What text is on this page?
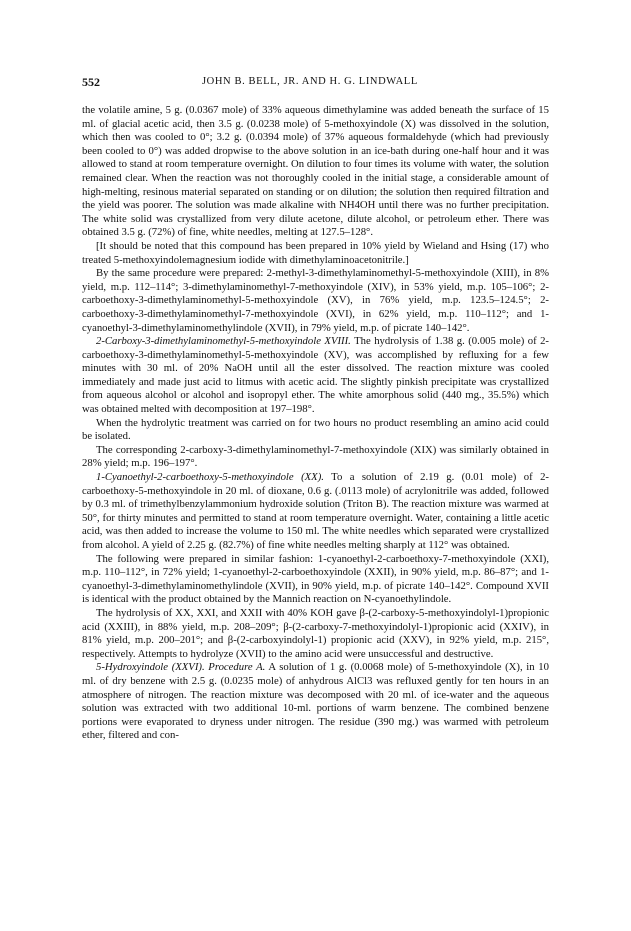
552	JOHN B. BELL, JR. AND H. G. LINDWALL

the volatile amine, 5 g. (0.0367 mole) of 33% aqueous dimethylamine was added beneath the surface of 15 ml. of glacial acetic acid, then 3.5 g. (0.0238 mole) of 5-methoxyindole (X) was dissolved in the solution, which then was cooled to 0°; 3.2 g. (0.0394 mole) of 37% aqueous formaldehyde (which had previously been cooled to 0°) was added dropwise to the above solution in an ice-bath during one-half hour and it was allowed to stand at room temperature overnight. On dilution to four times its volume with water, the solution remained clear. When the reaction was not thoroughly cooled in the initial stage, a considerable amount of high-melting, resinous material separated on standing or on dilution; the solution then required filtration and the yield was poorer. The solution was made alkaline with NH4OH until there was no further precipitation. The white solid was crystallized from very dilute acetone, dilute alcohol, or petroleum ether. There was obtained 3.5 g. (72%) of fine, white needles, melting at 127.5–128°.

[It should be noted that this compound has been prepared in 10% yield by Wieland and Hsing (17) who treated 5-methoxyindolemagnesium iodide with dimethylaminoacetonitrile.]

By the same procedure were prepared: 2-methyl-3-dimethylaminomethyl-5-methoxyindole (XIII), in 8% yield, m.p. 112–114°; 3-dimethylaminomethyl-7-methoxyindole (XIV), in 53% yield, m.p. 105–106°; 2-carboethoxy-3-dimethylaminomethyl-5-methoxyindole (XV), in 76% yield, m.p. 123.5–124.5°; 2-carboethoxy-3-dimethylaminomethyl-7-methoxyindole (XVI), in 62% yield, m.p. 110–112°; and 1-cyanoethyl-3-dimethylaminomethylindole (XVII), in 79% yield, m.p. of picrate 140–142°.

2-Carboxy-3-dimethylaminomethyl-5-methoxyindole XVIII. The hydrolysis of 1.38 g. (0.005 mole) of 2-carboethoxy-3-dimethylaminomethyl-5-methoxyindole (XV), was accomplished by refluxing for a few minutes with 30 ml. of 20% NaOH until all the ester dissolved. The reaction mixture was cooled immediately and made just acid to litmus with acetic acid. The slightly pinkish precipitate was crystallized from aqueous alcohol or alcohol and isopropyl ether. The white amorphous solid (440 mg., 35.5%) which was obtained melted with decomposition at 197–198°.

When the hydrolytic treatment was carried on for two hours no product resembling an amino acid could be isolated.

The corresponding 2-carboxy-3-dimethylaminomethyl-7-methoxyindole (XIX) was similarly obtained in 28% yield; m.p. 196–197°.

1-Cyanoethyl-2-carboethoxy-5-methoxyindole (XX). To a solution of 2.19 g. (0.01 mole) of 2-carboethoxy-5-methoxyindole in 20 ml. of dioxane, 0.6 g. (.0113 mole) of acrylonitrile was added, followed by 0.3 ml. of trimethylbenzylammonium hydroxide solution (Triton B). The reaction mixture was warmed at 50°, for thirty minutes and permitted to stand at room temperature overnight. Water, containing a little acetic acid, was then added to increase the volume to 150 ml. The white needles which separated were crystallized from alcohol. A yield of 2.25 g. (82.7%) of fine white needles melting sharply at 112° was obtained.

The following were prepared in similar fashion: 1-cyanoethyl-2-carboethoxy-7-methoxyindole (XXI), m.p. 110–112°, in 72% yield; 1-cyanoethyl-2-carboethoxyindole (XXII), in 90% yield, m.p. 86–87°; and 1-cyanoethyl-3-dimethylaminomethylindole (XVII), in 90% yield, m.p. of picrate 140–142°. Compound XVII is identical with the product obtained by the Mannich reaction on N-cyanoethylindole.

The hydrolysis of XX, XXI, and XXII with 40% KOH gave β-(2-carboxy-5-methoxyindolyl-1)propionic acid (XXIII), in 88% yield, m.p. 208–209°; β-(2-carboxy-7-methoxyindolyl-1)propionic acid (XXIV), in 81% yield, m.p. 200–201°; and β-(2-carboxyindolyl-1) propionic acid (XXV), in 92% yield, m.p. 215°, respectively. Attempts to hydrolyze (XVII) to the amino acid were unsuccessful and destructive.

5-Hydroxyindole (XXVI). Procedure A. A solution of 1 g. (0.0068 mole) of 5-methoxyindole (X), in 10 ml. of dry benzene with 2.5 g. (0.0235 mole) of anhydrous AlCl3 was refluxed gently for ten hours in an atmosphere of nitrogen. The reaction mixture was decomposed with 20 ml. of ice-water and the aqueous solution was extracted with two additional 10-ml. portions of warm benzene. The combined benzene portions were evaporated to dryness under nitrogen. The residue (390 mg.) was warmed with petroleum ether, filtered and con-
